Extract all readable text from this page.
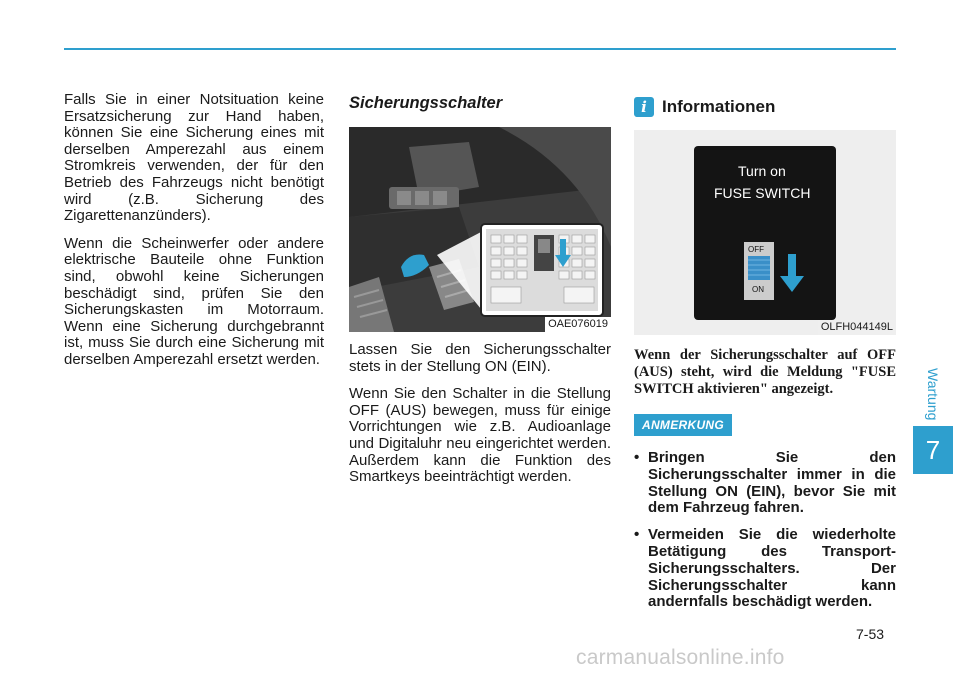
Wartung
7

Falls Sie in einer Notsituation keine Ersatzsicherung zur Hand haben, können Sie eine Sicherung eines mit derselben Amperezahl aus einem Stromkreis verwenden, der für den Betrieb des Fahrzeugs nicht benötigt wird (z.B. Sicherung des Zigarettenanzünders).

Wenn die Scheinwerfer oder andere elektrische Bauteile ohne Funktion sind, obwohl keine Sicherungen beschädigt sind, prüfen Sie den Sicherungskasten im Motorraum. Wenn eine Sicherung durchgebrannt ist, muss Sie durch eine Sicherung mit derselben Amperezahl ersetzt werden.

Sicherungsschalter
OAE076019

Lassen Sie den Sicherungsschalter stets in der Stellung ON (EIN).

Wenn Sie den Schalter in die Stellung OFF (AUS) bewegen, muss für einige Vorrichtungen wie z.B. Audioanlage und Digitaluhr neu eingerichtet werden. Außerdem kann die Funktion des Smartkeys beeinträchtigt werden.

i Informationen
Turn on
FUSE SWITCH
OFF
ON
OLFH044149L
Wenn der Sicherungsschalter auf OFF (AUS) steht, wird die Meldung "FUSE SWITCH aktivieren" angezeigt.
ANMERKUNG
• Bringen Sie den Sicherungsschalter immer in die Stellung ON (EIN), bevor Sie mit dem Fahrzeug fahren.
• Vermeiden Sie die wiederholte Betätigung des Transport-Sicherungsschalters. Der Sicherungsschalter kann andernfalls beschädigt werden.
7-53
carmanualsonline.info
